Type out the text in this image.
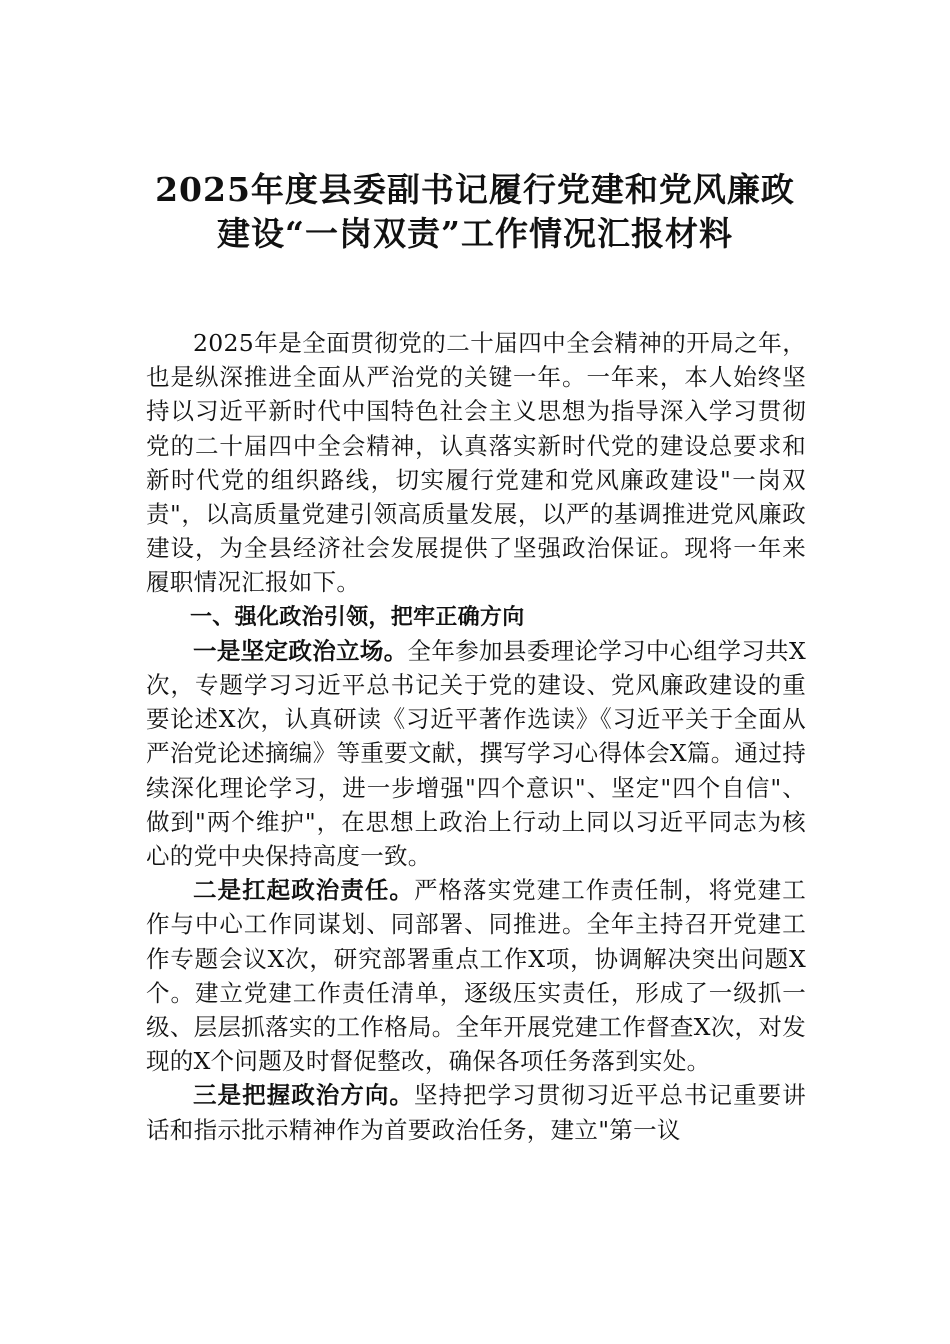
2025年度县委副书记履行党建和党风廉政
建设“一岗双责”工作情况汇报材料

2025年是全面贯彻党的二十届四中全会精神的开局之年，也是纵深推进全面从严治党的关键一年。一年来，本人始终坚持以习近平新时代中国特色社会主义思想为指导深入学习贯彻党的二十届四中全会精神，认真落实新时代党的建设总要求和新时代党的组织路线，切实履行党建和党风廉政建设"一岗双责"，以高质量党建引领高质量发展，以严的基调推进党风廉政建设，为全县经济社会发展提供了坚强政治保证。现将一年来履职情况汇报如下。

一、强化政治引领，把牢正确方向

一是坚定政治立场。全年参加县委理论学习中心组学习共X次，专题学习习近平总书记关于党的建设、党风廉政建设的重要论述X次，认真研读《习近平著作选读》《习近平关于全面从严治党论述摘编》等重要文献，撰写学习心得体会X篇。通过持续深化理论学习，进一步增强"四个意识"、坚定"四个自信"、做到"两个维护"，在思想上政治上行动上同以习近平同志为核心的党中央保持高度一致。

二是扛起政治责任。严格落实党建工作责任制，将党建工作与中心工作同谋划、同部署、同推进。全年主持召开党建工作专题会议X次，研究部署重点工作X项，协调解决突出问题X个。建立党建工作责任清单，逐级压实责任，形成了一级抓一级、层层抓落实的工作格局。全年开展党建工作督查X次，对发现的X个问题及时督促整改，确保各项任务落到实处。

三是把握政治方向。坚持把学习贯彻习近平总书记重要讲话和指示批示精神作为首要政治任务，建立"第一议
